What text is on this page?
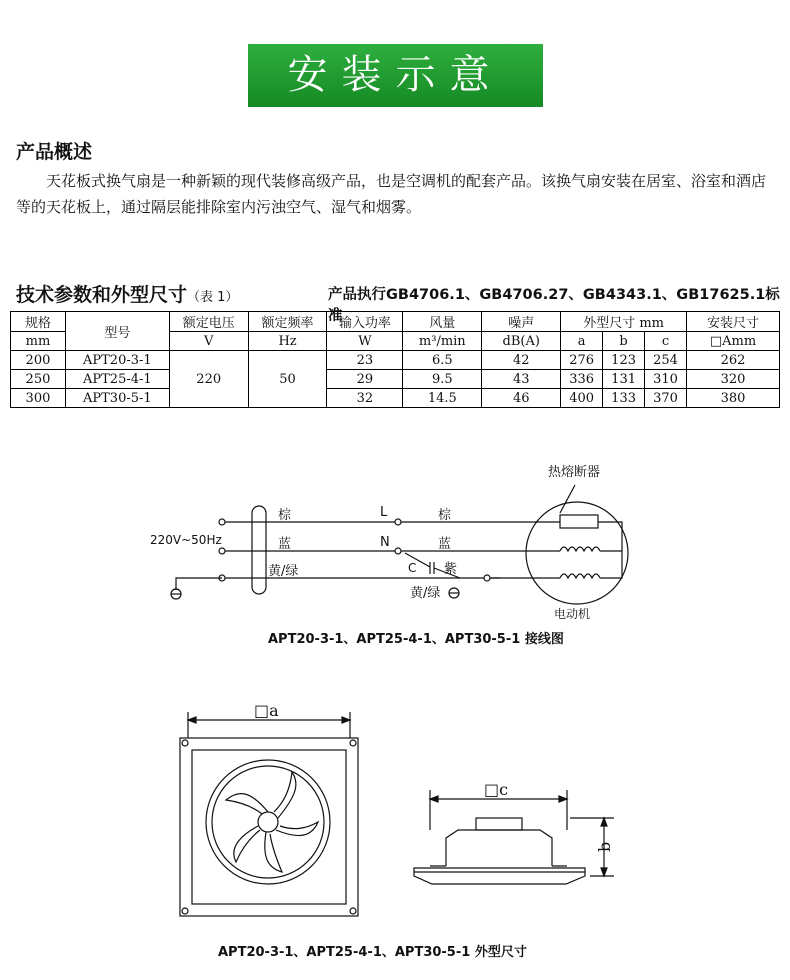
安装示意
产品概述
天花板式换气扇是一种新颖的现代装修高级产品，也是空调机的配套产品。该换气扇安装在居室、浴室和酒店等的天花板上，通过隔层能排除室内污浊空气、湿气和烟雾。
技术参数和外型尺寸（表 1）	产品执行GB4706.1、GB4706.27、GB4343.1、GB17625.1标准
规格	型号	额定电压	额定频率	输入功率	风量	噪声	外型尺寸 mm			安装尺寸
mm		V	Hz	W	m³/min	dB(A)	a	b	c	□Amm
200	APT20-3-1	220	50	23	6.5	42	276	123	254	262
250	APT25-4-1			29	9.5	43	336	131	310	320
300	APT30-5-1			32	14.5	46	400	133	370	380
棕
蓝
黄/绿
220V~50Hz
L
N
C
棕
蓝
紫
黄/绿
热熔断器
电动机
APT20-3-1、APT25-4-1、APT30-5-1 接线图
□a
□c
b
APT20-3-1、APT25-4-1、APT30-5-1 外型尺寸
